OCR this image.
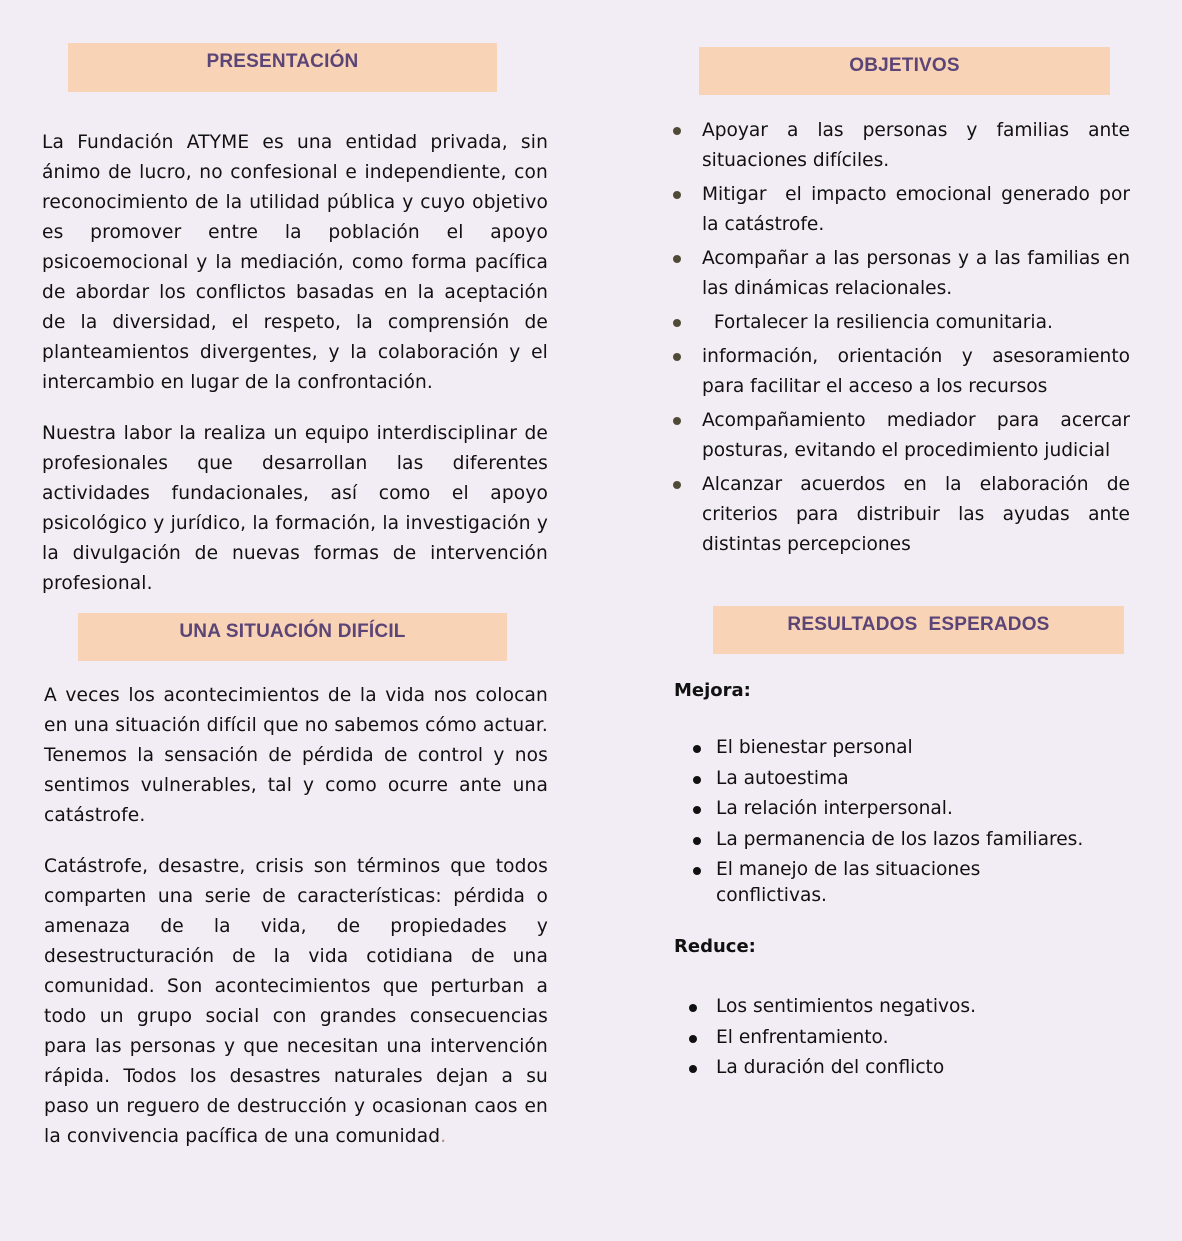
PRESENTACIÓN

La Fundación ATYME es una entidad privada, sin ánimo de lucro, no confesional e independiente, con reconocimiento de la utilidad pública y cuyo objetivo es promover entre la población el apoyo psicoemocional y la mediación, como forma pacífica de abordar los conflictos basadas en la aceptación de la diversidad, el respeto, la comprensión de planteamientos divergentes, y la colaboración y el intercambio en lugar de la confrontación.

Nuestra labor la realiza un equipo interdisciplinar de profesionales que desarrollan las diferentes actividades fundacionales, así como el apoyo psicológico y jurídico, la formación, la investigación y la divulgación de nuevas formas de intervención profesional.

UNA SITUACIÓN DIFÍCIL

A veces los acontecimientos de la vida nos colocan en una situación difícil que no sabemos cómo actuar. Tenemos la sensación de pérdida de control y nos sentimos vulnerables, tal y como ocurre ante una catástrofe.

Catástrofe, desastre, crisis son términos que todos comparten una serie de características: pérdida o amenaza de la vida, de propiedades y desestructuración de la vida cotidiana de una comunidad. Son acontecimientos que perturban a todo un grupo social con grandes consecuencias para las personas y que necesitan una intervención rápida. Todos los desastres naturales dejan a su paso un reguero de destrucción y ocasionan caos en la convivencia pacífica de una comunidad.

OBJETIVOS
Apoyar a las personas y familias ante situaciones difíciles.
Mitigar  el impacto emocional generado por la catástrofe.
Acompañar a las personas y a las familias en las dinámicas relacionales.
Fortalecer la resiliencia comunitaria.
información, orientación y asesoramiento para facilitar el acceso a los recursos
Acompañamiento mediador para acercar posturas, evitando el procedimiento judicial
Alcanzar acuerdos en la elaboración de criterios para distribuir las ayudas ante distintas percepciones
RESULTADOS  ESPERADOS
Mejora:
El bienestar personal
La autoestima
La relación interpersonal.
La permanencia de los lazos familiares.
El manejo de las situaciones conflictivas.
Reduce:
Los sentimientos negativos.
El enfrentamiento.
La duración del conflicto
